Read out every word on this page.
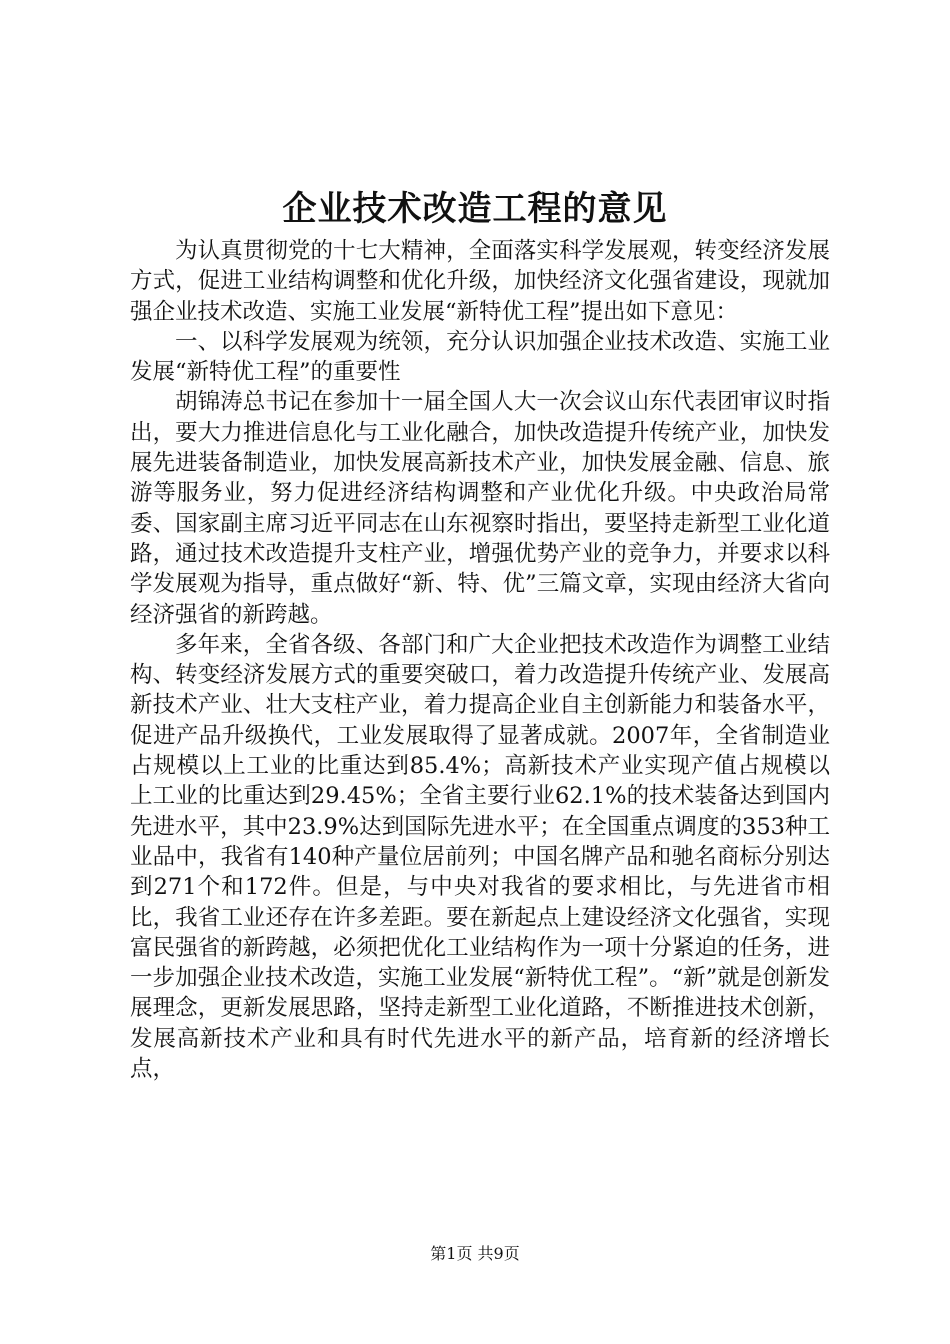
企业技术改造工程的意见

为认真贯彻党的十七大精神，全面落实科学发展观，转变经济发展方式，促进工业结构调整和优化升级，加快经济文化强省建设，现就加强企业技术改造、实施工业发展“新特优工程”提出如下意见：

一、以科学发展观为统领，充分认识加强企业技术改造、实施工业发展“新特优工程”的重要性

胡锦涛总书记在参加十一届全国人大一次会议山东代表团审议时指出，要大力推进信息化与工业化融合，加快改造提升传统产业，加快发展先进装备制造业，加快发展高新技术产业，加快发展金融、信息、旅游等服务业，努力促进经济结构调整和产业优化升级。中央政治局常委、国家副主席习近平同志在山东视察时指出，要坚持走新型工业化道路，通过技术改造提升支柱产业，增强优势产业的竞争力，并要求以科学发展观为指导，重点做好“新、特、优”三篇文章，实现由经济大省向经济强省的新跨越。

多年来，全省各级、各部门和广大企业把技术改造作为调整工业结构、转变经济发展方式的重要突破口，着力改造提升传统产业、发展高新技术产业、壮大支柱产业，着力提高企业自主创新能力和装备水平，促进产品升级换代，工业发展取得了显著成就。2007年，全省制造业占规模以上工业的比重达到85.4%；高新技术产业实现产值占规模以上工业的比重达到29.45%；全省主要行业62.1%的技术装备达到国内先进水平，其中23.9%达到国际先进水平；在全国重点调度的353种工业品中，我省有140种产量位居前列；中国名牌产品和驰名商标分别达到271个和172件。但是，与中央对我省的要求相比，与先进省市相比，我省工业还存在许多差距。要在新起点上建设经济文化强省，实现富民强省的新跨越，必须把优化工业结构作为一项十分紧迫的任务，进一步加强企业技术改造，实施工业发展“新特优工程”。“新”就是创新发展理念，更新发展思路，坚持走新型工业化道路，不断推进技术创新，发展高新技术产业和具有时代先进水平的新产品，培育新的经济增长点，

第1页 共9页
